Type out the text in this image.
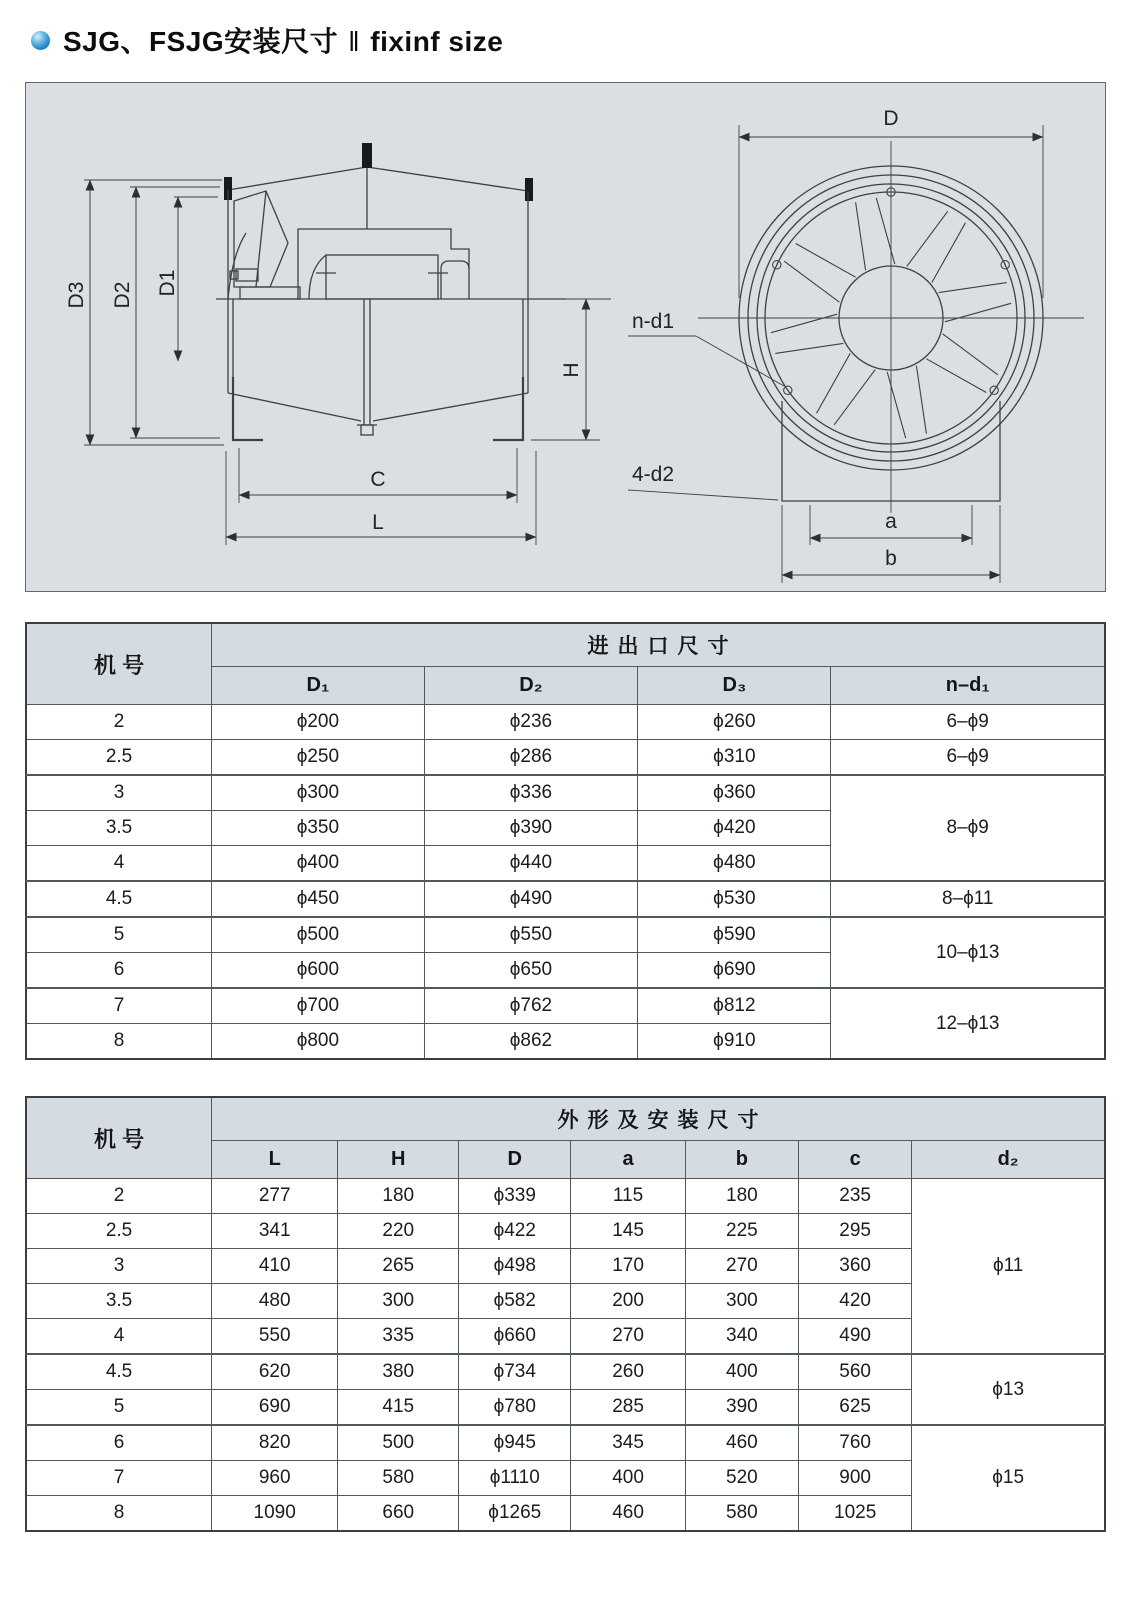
SJG、FSJG安装尺寸 ‖ fixinf size
D3 D2 D1
H
C
L
D
n-d1
4-d2
a
b
机 号	进出口尺寸			
	D₁	D₂	D₃	n–d₁
2	ϕ200	ϕ236	ϕ260	6–ϕ9
2.5	ϕ250	ϕ286	ϕ310	6–ϕ9
3	ϕ300	ϕ336	ϕ360	8–ϕ9
3.5	ϕ350	ϕ390	ϕ420	
4	ϕ400	ϕ440	ϕ480	
4.5	ϕ450	ϕ490	ϕ530	8–ϕ11
5	ϕ500	ϕ550	ϕ590	10–ϕ13
6	ϕ600	ϕ650	ϕ690	
7	ϕ700	ϕ762	ϕ812	12–ϕ13
8	ϕ800	ϕ862	ϕ910	
机 号	外形及安装尺寸						
	L	H	D	a	b	c	d₂
2	277	180	ϕ339	115	180	235	ϕ11
2.5	341	220	ϕ422	145	225	295	
3	410	265	ϕ498	170	270	360	
3.5	480	300	ϕ582	200	300	420	
4	550	335	ϕ660	270	340	490	
4.5	620	380	ϕ734	260	400	560	ϕ13
5	690	415	ϕ780	285	390	625	
6	820	500	ϕ945	345	460	760	ϕ15
7	960	580	ϕ1110	400	520	900	
8	1090	660	ϕ1265	460	580	1025	
